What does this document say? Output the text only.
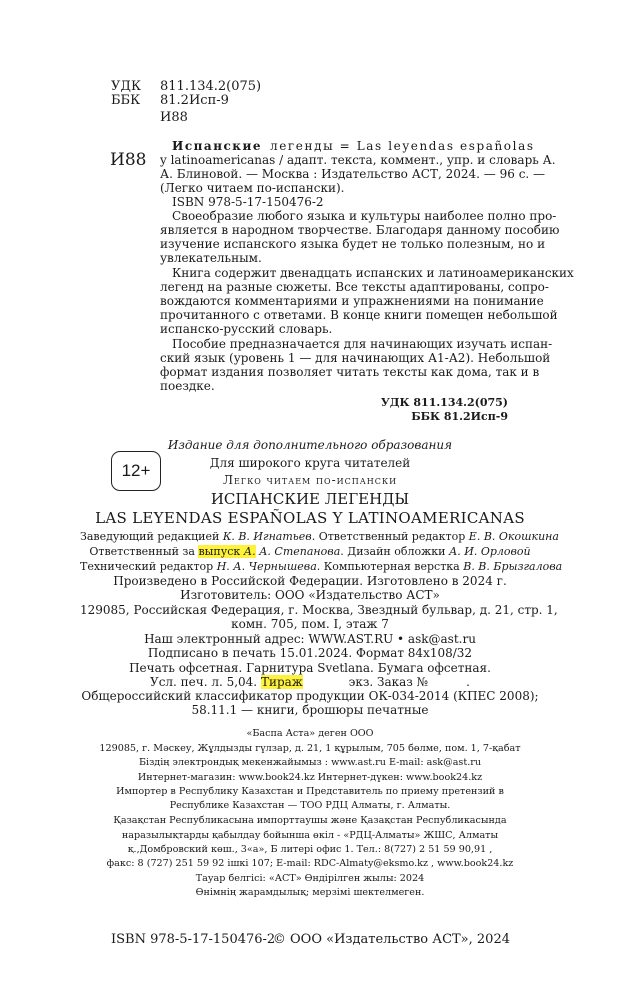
УДК 811.134.2(075)
ББК 81.2Исп-9
И88
И88
Испанские легенды = Las leyendas españolas
y latinoamericanas / адапт. текста, коммент., упр. и словарь А.
А. Блиновой. — Москва : Издательство АСТ, 2024. — 96 с. —
(Легко читаем по-испански).
ISBN 978-5-17-150476-2
Своеобразие любого языка и культуры наиболее полно про-
является в народном творчестве. Благодаря данному пособию
изучение испанского языка будет не только полезным, но и
увлекательным.
Книга содержит двенадцать испанских и латиноамериканских
легенд на разные сюжеты. Все тексты адаптированы, сопро-
вождаются комментариями и упражнениями на понимание
прочитанного с ответами. В конце книги помещен небольшой
испанско-русский словарь.
Пособие предназначается для начинающих изучать испан-
ский язык (уровень 1 — для начинающих А1-А2). Небольшой
формат издания позволяет читать тексты как дома, так и в
поездке.
УДК 811.134.2(075)
ББК 81.2Исп-9
12+
Издание для дополнительного образования
Для широкого круга читателей
Легко читаем по-испански
ИСПАНСКИЕ ЛЕГЕНДЫ
LAS LEYENDAS ESPAÑOLAS Y LATINOAMERICANAS
Заведующий редакцией К. В. Игнатьев. Ответственный редактор Е. В. Окошкина
Ответственный за выпуск А. А. Степанова. Дизайн обложки А. И. Орловой
Технический редактор Н. А. Чернышева. Компьютерная верстка В. В. Брызгалова
Произведено в Российской Федерации. Изготовлено в 2024 г.
Изготовитель: ООО «Издательство АСТ»
129085, Российская Федерация, г. Москва, Звездный бульвар, д. 21, стр. 1,
комн. 705, пом. I, этаж 7
Наш электронный адрес: WWW.AST.RU • ask@ast.ru
Подписано в печать 15.01.2024. Формат 84x108/32
Печать офсетная. Гарнитура Svetlana. Бумага офсетная.
Усл. печ. л. 5,04. Тираж            экз. Заказ №          .
Общероссийский классификатор продукции ОК-034-2014 (КПЕС 2008);
58.11.1 — книги, брошюры печатные
«Баспа Аста» деген ООО
129085, г. Мәскеу, Жұлдызды гүлзар, д. 21, 1 құрылым, 705 бөлме, пом. 1, 7-қабат
Біздің электрондық мекенжайымыз : www.ast.ru E-mail: ask@ast.ru
Интернет-магазин: www.book24.kz Интернет-дүкен: www.book24.kz
Импортер в Республику Казахстан и Представитель по приему претензий в
Республике Казахстан — ТОО РДЦ Алматы, г. Алматы.
Қазақстан Республикасына импорттаушы және Қазақстан Республикасында
наразылықтарды қабылдау бойынша өкіл - «РДЦ-Алматы» ЖШС, Алматы
қ.,Домбровский көш., 3«а», Б литері офис 1. Тел.: 8(727) 2 51 59 90,91 ,
факс: 8 (727) 251 59 92 ішкі 107; E-mail: RDC-Almaty@eksmo.kz , www.book24.kz
Тауар белгісі: «АСТ» Өндірілген жылы: 2024
Өнімнің жарамдылық; мерзімі шектелмеген.
ISBN 978-5-17-150476-2
© ООО «Издательство АСТ», 2024
